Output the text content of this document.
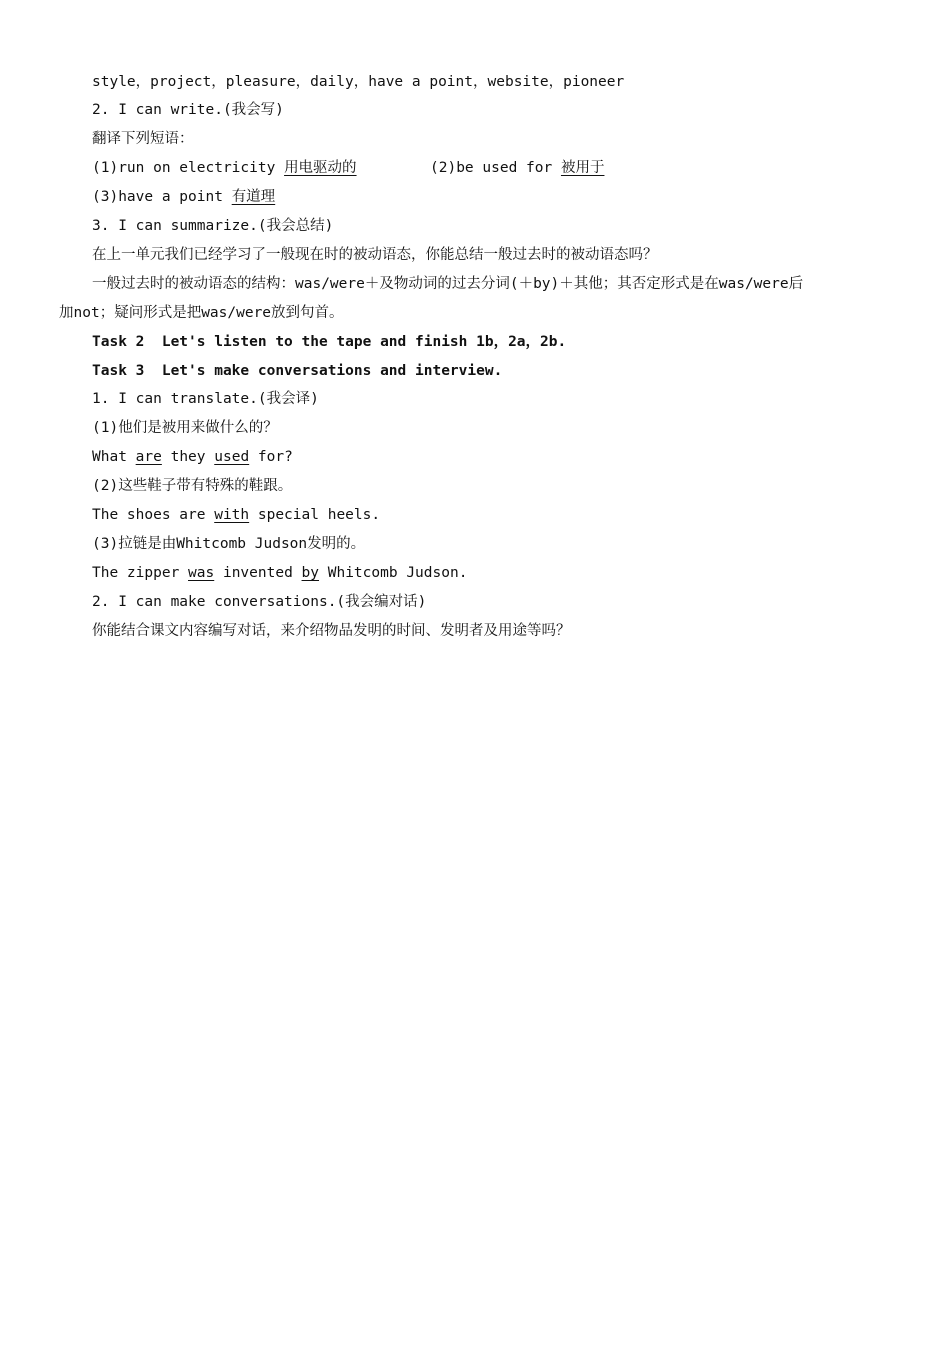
style，project，pleasure，daily，have a point，website，pioneer
2. I can write.(我会写)
翻译下列短语：
(1)run on electricity 用电驱动的	(2)be used for 被用于
(3)have a point 有道理
3. I can summarize.(我会总结)
在上一单元我们已经学习了一般现在时的被动语态，你能总结一般过去时的被动语态吗？
一般过去时的被动语态的结构：was/were＋及物动词的过去分词(＋by)＋其他；其否定形式是在was/were后
加not；疑问形式是把was/were放到句首。
Task 2  Let's listen to the tape and finish 1b，2a，2b.
Task 3  Let's make conversations and interview.
1. I can translate.(我会译)
(1)他们是被用来做什么的？
What are they used for?
(2)这些鞋子带有特殊的鞋跟。
The shoes are with special heels.
(3)拉链是由Whitcomb Judson发明的。
The zipper was invented by Whitcomb Judson.
2. I can make conversations.(我会编对话)
你能结合课文内容编写对话，来介绍物品发明的时间、发明者及用途等吗？
